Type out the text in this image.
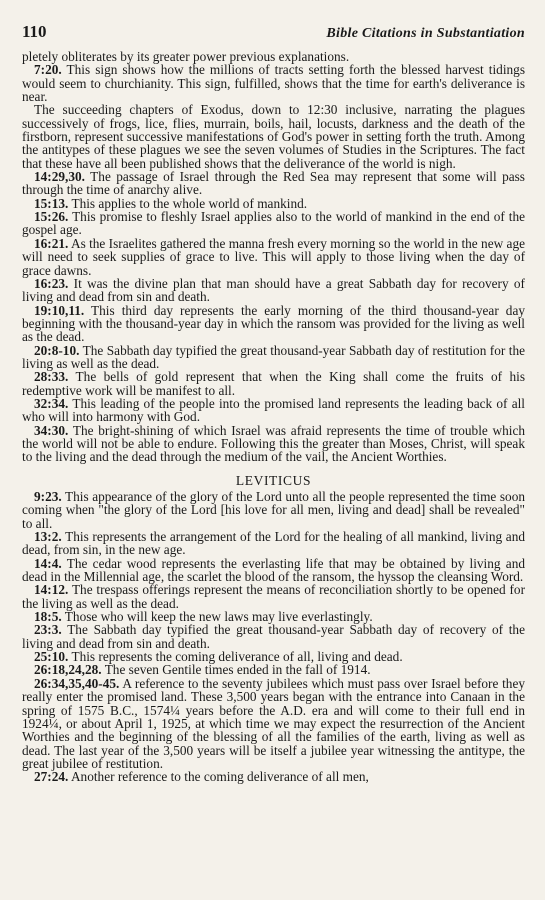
110	Bible Citations in Substantiation

pletely obliterates by its greater power previous explanations.

7:20. This sign shows how the millions of tracts setting forth the blessed harvest tidings would seem to churchianity. This sign, fulfilled, shows that the time for earth's deliverance is near.

The succeeding chapters of Exodus, down to 12:30 inclusive, narrating the plagues successively of frogs, lice, flies, murrain, boils, hail, locusts, darkness and the death of the firstborn, represent successive manifestations of God's power in setting forth the truth. Among the antitypes of these plagues we see the seven volumes of Studies in the Scriptures. The fact that these have all been published shows that the deliverance of the world is nigh.

14:29,30. The passage of Israel through the Red Sea may represent that some will pass through the time of anarchy alive.

15:13. This applies to the whole world of mankind.

15:26. This promise to fleshly Israel applies also to the world of mankind in the end of the gospel age.

16:21. As the Israelites gathered the manna fresh every morning so the world in the new age will need to seek supplies of grace to live. This will apply to those living when the day of grace dawns.

16:23. It was the divine plan that man should have a great Sabbath day for recovery of living and dead from sin and death.

19:10,11. This third day represents the early morning of the third thousand-year day beginning with the thousand-year day in which the ransom was provided for the living as well as the dead.

20:8-10. The Sabbath day typified the great thousand-year Sabbath day of restitution for the living as well as the dead.

28:33. The bells of gold represent that when the King shall come the fruits of his redemptive work will be manifest to all.

32:34. This leading of the people into the promised land represents the leading back of all who will into harmony with God.

34:30. The bright-shining of which Israel was afraid represents the time of trouble which the world will not be able to endure. Following this the greater than Moses, Christ, will speak to the living and the dead through the medium of the vail, the Ancient Worthies.

LEVITICUS

9:23. This appearance of the glory of the Lord unto all the people represented the time soon coming when "the glory of the Lord [his love for all men, living and dead] shall be revealed" to all.

13:2. This represents the arrangement of the Lord for the healing of all mankind, living and dead, from sin, in the new age.

14:4. The cedar wood represents the everlasting life that may be obtained by living and dead in the Millennial age, the scarlet the blood of the ransom, the hyssop the cleansing Word.

14:12. The trespass offerings represent the means of reconciliation shortly to be opened for the living as well as the dead.

18:5. Those who will keep the new laws may live everlastingly.

23:3. The Sabbath day typified the great thousand-year Sabbath day of recovery of the living and dead from sin and death.

25:10. This represents the coming deliverance of all, living and dead.

26:18,24,28. The seven Gentile times ended in the fall of 1914.

26:34,35,40-45. A reference to the seventy jubilees which must pass over Israel before they really enter the promised land. These 3,500 years began with the entrance into Canaan in the spring of 1575 B.C., 1574¼ years before the A.D. era and will come to their full end in 1924¼, or about April 1, 1925, at which time we may expect the resurrection of the Ancient Worthies and the beginning of the blessing of all the families of the earth, living as well as dead. The last year of the 3,500 years will be itself a jubilee year witnessing the antitype, the great jubilee of restitution.

27:24. Another reference to the coming deliverance of all men,
